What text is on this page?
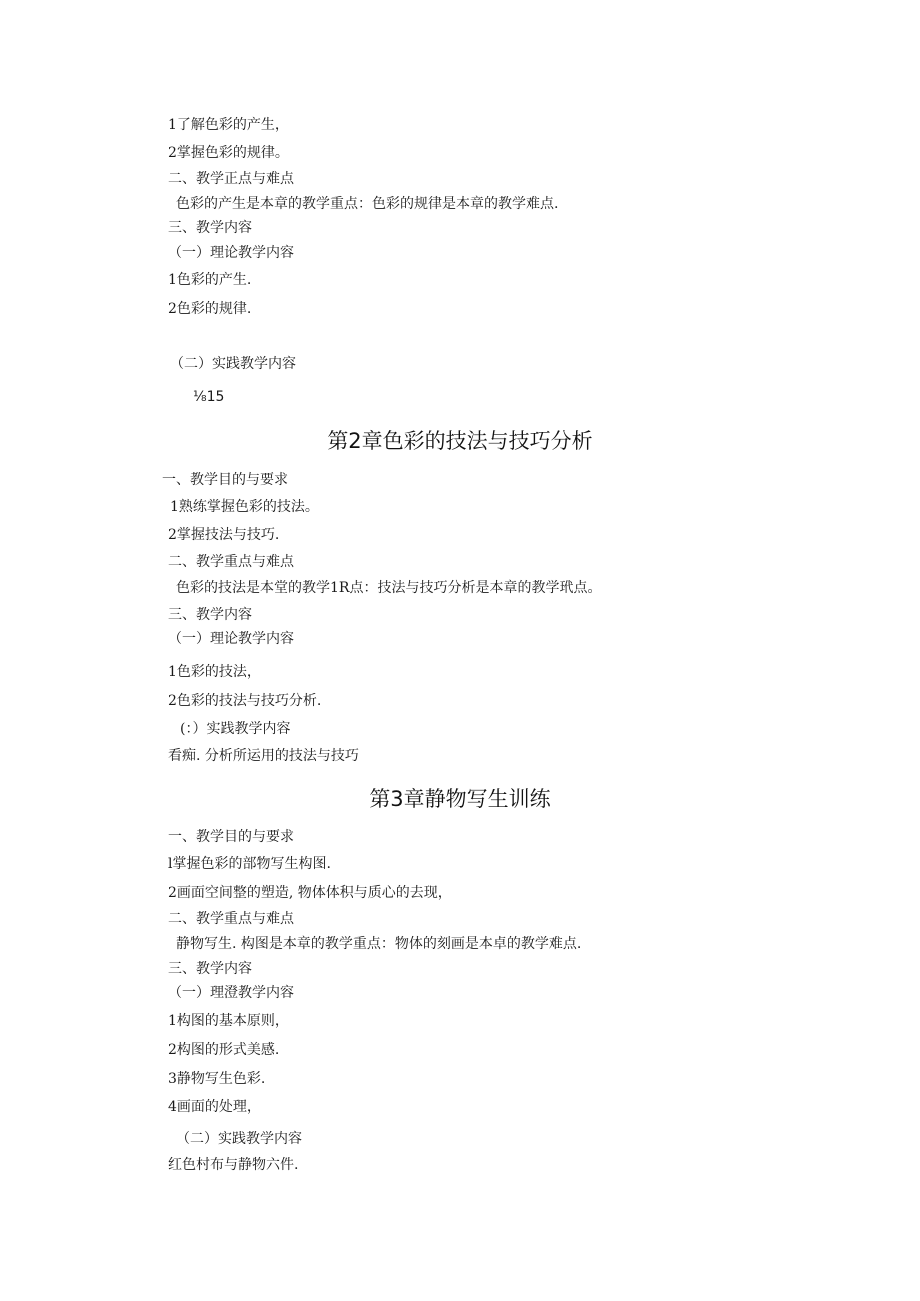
1了解色彩的产生，
2掌握色彩的规律。
二、教学正点与难点
色彩的产生是本章的教学重点：色彩的规律是本章的教学难点.
三、教学内容
（一）理论教学内容
1色彩的产生.
2色彩的规律.
（二）实践教学内容
⅛15
第2章色彩的技法与技巧分析
一、教学目的与要求
1熟练掌握色彩的技法。
2掌握技法与技巧.
二、教学重点与难点
色彩的技法是本堂的教学1R点：技法与技巧分析是本章的教学玳点。
三、教学内容
（一）理论教学内容
1色彩的技法，
2色彩的技法与技巧分析.
(：）实践教学内容
看痴. 分析所运用的技法与技巧
第3章静物写生训练
一、教学目的与要求
l掌握色彩的部物写生构图.
2画面空间整的塑造, 物体体积与质心的去现，
二、教学重点与难点
静物写生. 构图是本章的教学重点：物体的刻画是本卓的教学难点.
三、教学内容
（一）理澄教学内容
1构图的基本原则，
2构图的形式美感.
3静物写生色彩.
4画面的处理，
（二）实践教学内容
红色村布与静物六件.
